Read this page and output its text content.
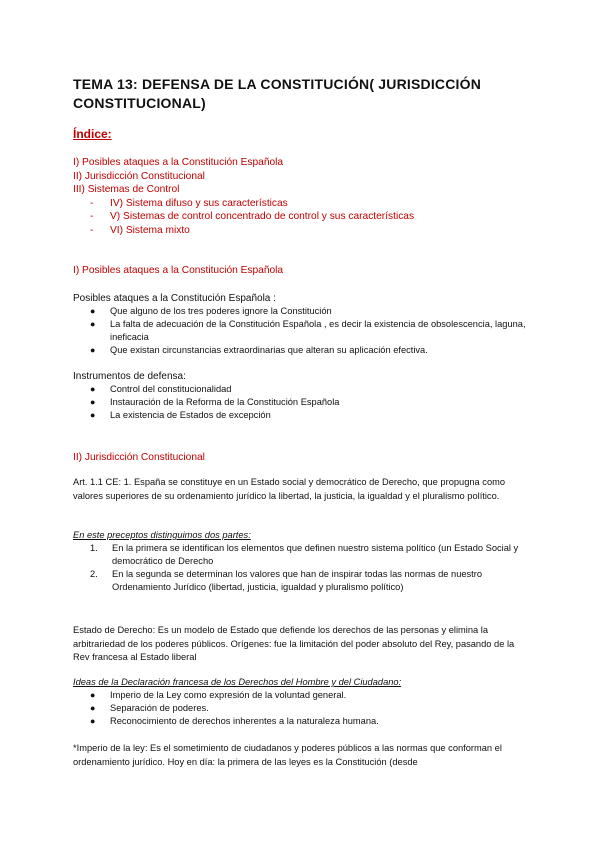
TEMA 13: DEFENSA DE LA CONSTITUCIÓN( JURISDICCIÓN CONSTITUCIONAL)
Índice:

I) Posibles ataques a la Constitución Española

II) Jurisdicción Constitucional

III) Sistemas de Control

- IV) Sistema difuso y sus características
- V) Sistemas de control concentrado de control y sus características
- VI) Sistema mixto
I) Posibles ataques a la Constitución Española

Posibles ataques a la Constitución Española :

● Que alguno de los tres poderes ignore la Constitución
● La falta de adecuación de la Constitución Española , es decir la existencia de obsolescencia, laguna, ineficacia
● Que existan circunstancias extraordinarias que alteran su aplicación efectiva.

Instrumentos de defensa:

● Control del constitucionalidad
● Instauración de la Reforma de la Constitución Española
● La existencia de Estados de excepción
II) Jurisdicción Constitucional
Art. 1.1 CE: 1. España se constituye en un Estado social y democrático de Derecho, que propugna como valores superiores de su ordenamiento jurídico la libertad, la justicia, la igualdad y el pluralismo político.

En este preceptos distinguimos dos partes:

1. En la primera se identifican los elementos que definen nuestro sistema político (un Estado Social y democrático de Derecho
2. En la segunda se determinan los valores que han de inspirar todas las normas de nuestro Ordenamiento Jurídico (libertad, justicia, igualdad y pluralismo político)
Estado de Derecho: Es un modelo de Estado que defiende los derechos de las personas y elimina la arbitrariedad de los poderes públicos. Orígenes: fue la limitación del poder absoluto del Rey, pasando de la Rev francesa al Estado liberal

Ideas de la Declaración francesa de los Derechos del Hombre y del Ciudadano:

● Imperio de la Ley como expresión de la voluntad general.
● Separación de poderes.
● Reconocimiento de derechos inherentes a la naturaleza humana.
*Imperio de la ley: Es el sometimiento de ciudadanos y poderes públicos a las normas que conforman el ordenamiento jurídico. Hoy en día: la primera de las leyes es la Constitución (desde
